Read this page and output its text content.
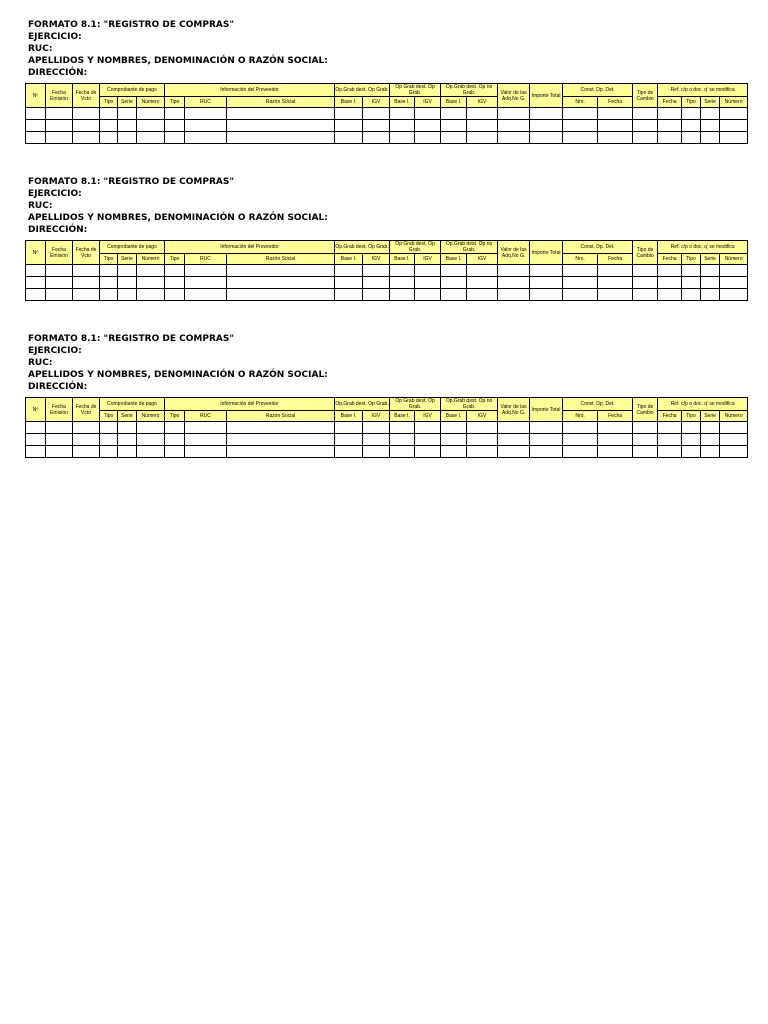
FORMATO 8.1: "REGISTRO DE COMPRAS"
EJERCICIO:
RUC:
APELLIDOS Y NOMBRES, DENOMINACIÓN O RAZÓN SOCIAL:
DIRECCIÓN:
Nº	Fecha Emisión	Fecha de Vcto	Comprobante de pago			Información del Proveedor			Op.Grab dest. Op Grab.		Op Grab dest. Op Grab.		Op.Grab dest. Op no Grab.		Valor de las Adq.No G.	Importe Total	Const. Dp. Det.		Tipo de Cambio	Ref. c/p o doc. q' se modifica			
			Tipo	Serie	Número	Tipo	RUC	Razón Social	Base I.	IGV	Base I.	IGV	Base I.	IGV			Nro.	Fecha		Fecha	Tipo	Serie	Número

FORMATO 8.1: "REGISTRO DE COMPRAS"
EJERCICIO:
RUC:
APELLIDOS Y NOMBRES, DENOMINACIÓN O RAZÓN SOCIAL:
DIRECCIÓN:
Nº	Fecha Emisión	Fecha de Vcto	Comprobante de pago			Información del Proveedor			Op.Grab dest. Op Grab.		Op Grab dest. Op Grab.		Op.Grab dest. Op no Grab.		Valor de las Adq.No G.	Importe Total	Const. Dp. Det.		Tipo de Cambio	Ref. c/p o doc. q' se modifica			
			Tipo	Serie	Número	Tipo	RUC	Razón Social	Base I.	IGV	Base I.	IGV	Base I.	IGV			Nro.	Fecha		Fecha	Tipo	Serie	Número

FORMATO 8.1: "REGISTRO DE COMPRAS"
EJERCICIO:
RUC:
APELLIDOS Y NOMBRES, DENOMINACIÓN O RAZÓN SOCIAL:
DIRECCIÓN:
Nº	Fecha Emisión	Fecha de Vcto	Comprobante de pago			Información del Proveedor			Op.Grab dest. Op Grab.		Op Grab dest. Op Grab.		Op.Grab dest. Op no Grab.		Valor de las Adq.No G.	Importe Total	Const. Dp. Det.		Tipo de Cambio	Ref. c/p o doc. q' se modifica			
			Tipo	Serie	Número	Tipo	RUC	Razón Social	Base I.	IGV	Base I.	IGV	Base I.	IGV			Nro.	Fecha		Fecha	Tipo	Serie	Número
